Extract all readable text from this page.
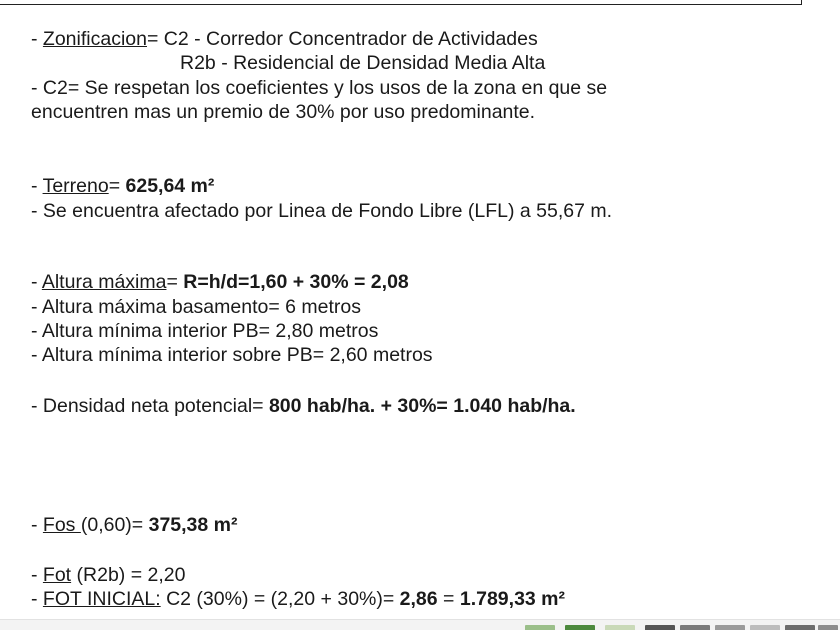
- Zonificacion= C2 - Corredor Concentrador de Actividades
R2b - Residencial de Densidad Media Alta
- C2= Se respetan los coeficientes y los usos de la zona en que se
encuentren mas un premio de 30% por uso predominante.
- Terreno= 625,64 m²
- Se encuentra afectado por Linea de Fondo Libre (LFL) a 55,67 m.
- Altura máxima= R=h/d=1,60 + 30% = 2,08
- Altura máxima basamento= 6 metros
- Altura mínima interior PB= 2,80 metros
- Altura mínima interior sobre PB= 2,60 metros
- Densidad neta potencial= 800 hab/ha. + 30%= 1.040 hab/ha.
- Fos (0,60)= 375,38 m²
- Fot (R2b) = 2,20
- FOT INICIAL: C2 (30%) = (2,20 + 30%)= 2,86 = 1.789,33 m²
